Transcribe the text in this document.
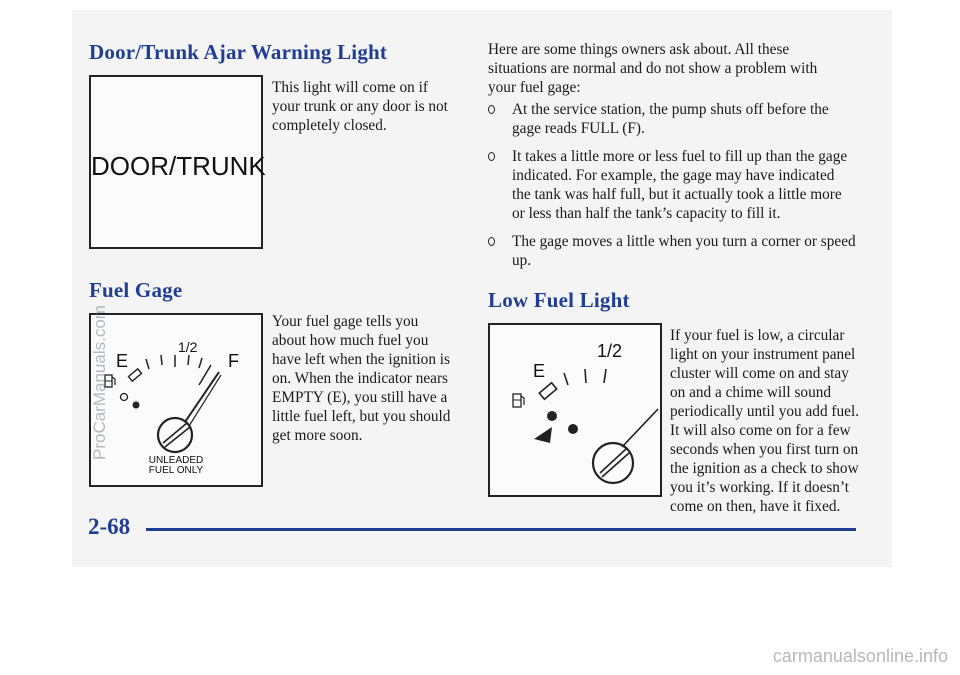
Door/Trunk Ajar Warning Light
DOOR/TRUNK
This light will come on if your trunk or any door is not completely closed.
Fuel Gage
1/2
E	F
UNLEADED
FUEL ONLY
Your fuel gage tells you about how much fuel you have left when the ignition is on. When the indicator nears EMPTY (E), you still have a little fuel left, but you should get more soon.
Here are some things owners ask about. All these situations are normal and do not show a problem with your fuel gage:
At the service station, the pump shuts off before the gage reads FULL (F).
It takes a little more or less fuel to fill up than the gage indicated. For example, the gage may have indicated the tank was half full, but it actually took a little more or less than half the tank’s capacity to fill it.
The gage moves a little when you turn a corner or speed up.
Low Fuel Light
1/2
E
If your fuel is low, a circular light on your instrument panel cluster will come on and stay on and a chime will sound periodically until you add fuel. It will also come on for a few seconds when you first turn on the ignition as a check to show you it’s working. If it doesn’t come on then, have it fixed.
2-68
ProCarManuals.com
carmanualsonline.info
